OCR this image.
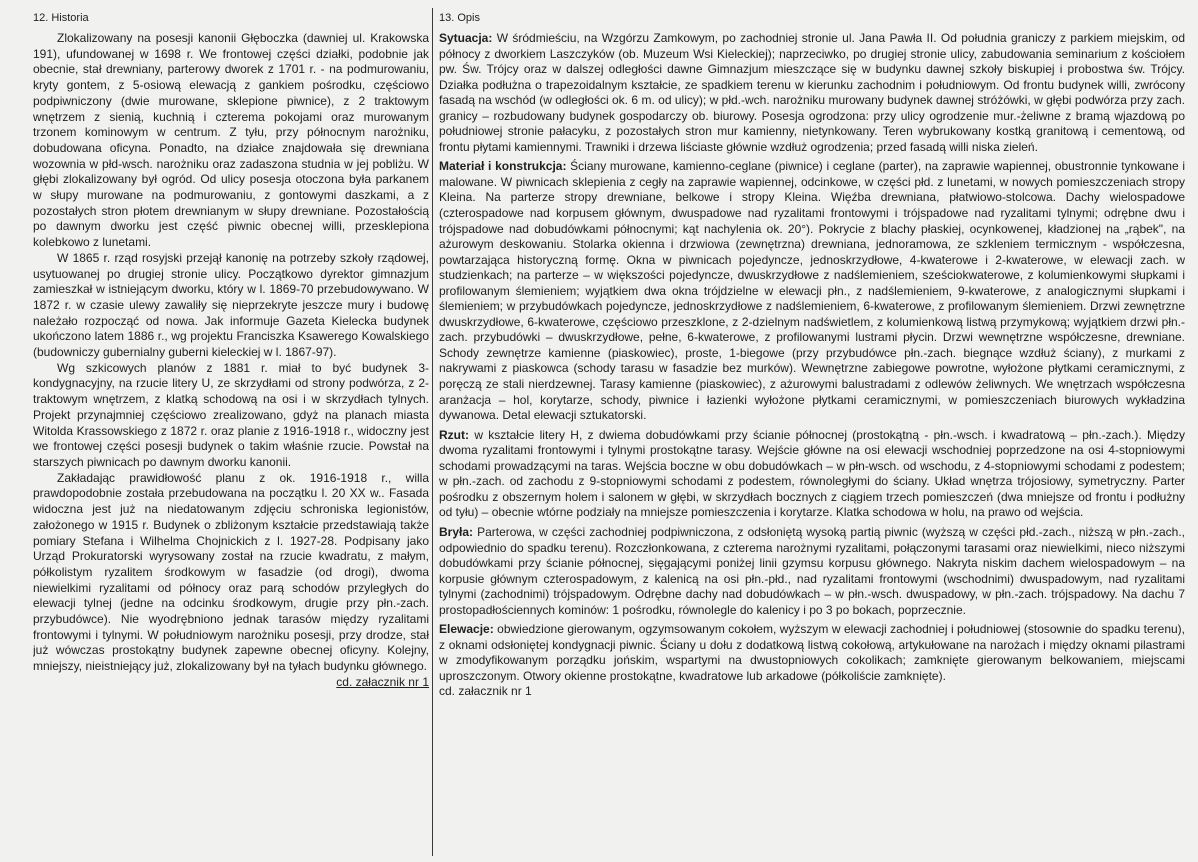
12. Historia

Zlokalizowany na posesji kanonii Głęboczka (dawniej ul. Krakowska 191), ufundowanej w 1698 r. We frontowej części działki, podobnie jak obecnie, stał drewniany, parterowy dworek z 1701 r. - na podmurowaniu, kryty gontem, z 5-osiową elewacją z gankiem pośrodku, częściowo podpiwniczony (dwie murowane, sklepione piwnice), z 2 traktowym wnętrzem z sienią, kuchnią i czterema pokojami oraz murowanym trzonem kominowym w centrum. Z tyłu, przy północnym narożniku, dobudowana oficyna. Ponadto, na działce znajdowała się drewniana wozownia w płd-wsch. narożniku oraz zadaszona studnia w jej pobliżu. W głębi zlokalizowany był ogród. Od ulicy posesja otoczona była parkanem w słupy murowane na podmurowaniu, z gontowymi daszkami, a z pozostałych stron płotem drewnianym w słupy drewniane. Pozostałością po dawnym dworku jest część piwnic obecnej willi, przesklepiona kolebkowo z lunetami.

W 1865 r. rząd rosyjski przejął kanonię na potrzeby szkoły rządowej, usytuowanej po drugiej stronie ulicy. Początkowo dyrektor gimnazjum zamieszkał w istniejącym dworku, który w l. 1869-70 przebudowywano. W 1872 r. w czasie ulewy zawaliły się nieprzekryte jeszcze mury i budowę należało rozpocząć od nowa. Jak informuje Gazeta Kielecka budynek ukończono latem 1886 r., wg projektu Franciszka Ksawerego Kowalskiego (budowniczy gubernialny guberni kieleckiej w l. 1867-97).

Wg szkicowych planów z 1881 r. miał to być budynek 3-kondygnacyjny, na rzucie litery U, ze skrzydłami od strony podwórza, z 2-traktowym wnętrzem, z klatką schodową na osi i w skrzydłach tylnych. Projekt przynajmniej częściowo zrealizowano, gdyż na planach miasta Witolda Krassowskiego z 1872 r. oraz planie z 1916-1918 r., widoczny jest we frontowej części posesji budynek o takim właśnie rzucie. Powstał na starszych piwnicach po dawnym dworku kanonii.

Zakładając prawidłowość planu z ok. 1916-1918 r., willa prawdopodobnie została przebudowana na początku l. 20 XX w.. Fasada widoczna jest już na niedatowanym zdjęciu schroniska legionistów, założonego w 1915 r. Budynek o zbliżonym kształcie przedstawiają także pomiary Stefana i Wilhelma Chojnickich z l. 1927-28. Podpisany jako Urząd Prokuratorski wyrysowany został na rzucie kwadratu, z małym, półkolistym ryzalitem środkowym w fasadzie (od drogi), dwoma niewielkimi ryzalitami od północy oraz parą schodów przyległych do elewacji tylnej (jedne na odcinku środkowym, drugie przy płn.-zach. przybudówce). Nie wyodrębniono jednak tarasów między ryzalitami frontowymi i tylnymi. W południowym narożniku posesji, przy drodze, stał już wówczas prostokątny budynek zapewne obecnej oficyny. Kolejny, mniejszy, nieistniejący już, zlokalizowany był na tyłach budynku głównego.
cd. załacznik nr 1

13. Opis

Sytuacja: W śródmieściu, na Wzgórzu Zamkowym, po zachodniej stronie ul. Jana Pawła II. Od południa graniczy z parkiem miejskim, od północy z dworkiem Laszczyków (ob. Muzeum Wsi Kieleckiej); naprzeciwko, po drugiej stronie ulicy, zabudowania seminarium z kościołem pw. Św. Trójcy oraz w dalszej odległości dawne Gimnazjum mieszczące się w budynku dawnej szkoły biskupiej i probostwa św. Trójcy. Działka podłużna o trapezoidalnym kształcie, ze spadkiem terenu w kierunku zachodnim i południowym. Od frontu budynek willi, zwrócony fasadą na wschód (w odległości ok. 6 m. od ulicy); w płd.-wch. narożniku murowany budynek dawnej stróżówki, w głębi podwórza przy zach. granicy – rozbudowany budynek gospodarczy ob. biurowy. Posesja ogrodzona: przy ulicy ogrodzenie mur.-żeliwne z bramą wjazdową po południowej stronie pałacyku, z pozostałych stron mur kamienny, nietynkowany. Teren wybrukowany kostką granitową i cementową, od frontu płytami kamiennymi. Trawniki i drzewa liściaste głównie wzdłuż ogrodzenia; przed fasadą willi niska zieleń.

Materiał i konstrukcja: Ściany murowane, kamienno-ceglane (piwnice) i ceglane (parter), na zaprawie wapiennej, obustronnie tynkowane i malowane. W piwnicach sklepienia z cegły na zaprawie wapiennej, odcinkowe, w części płd. z lunetami, w nowych pomieszczeniach stropy Kleina. Na parterze stropy drewniane, belkowe i stropy Kleina. Więźba drewniana, płatwiowo-stolcowa. Dachy wielospadowe (czterospadowe nad korpusem głównym, dwuspadowe nad ryzalitami frontowymi i trójspadowe nad ryzalitami tylnymi; odrębne dwu i trójspadowe nad dobudówkami północnymi; kąt nachylenia ok. 20°). Pokrycie z blachy płaskiej, ocynkowenej, kładzionej na „rąbek", na ażurowym deskowaniu. Stolarka okienna i drzwiowa (zewnętrzna) drewniana, jednoramowa, ze szkleniem termicznym - współczesna, powtarzająca historyczną formę. Okna w piwnicach pojedyncze, jednoskrzydłowe, 4-kwaterowe i 2-kwaterowe, w elewacji zach. w studzienkach; na parterze – w większości pojedyncze, dwuskrzydłowe z nadślemieniem, sześciokwaterowe, z kolumienkowymi słupkami i profilowanym ślemieniem; wyjątkiem dwa okna trójdzielne w elewacji płn., z nadślemieniem, 9-kwaterowe, z analogicznymi słupkami i ślemieniem; w przybudówkach pojedyncze, jednoskrzydłowe z nadślemieniem, 6-kwaterowe, z profilowanym ślemieniem. Drzwi zewnętrzne dwuskrzydłowe, 6-kwaterowe, częściowo przeszklone, z 2-dzielnym nadświetlem, z kolumienkową listwą przymykową; wyjątkiem drzwi płn.-zach. przybudówki – dwuskrzydłowe, pełne, 6-kwaterowe, z profilowanymi lustrami płycin. Drzwi wewnętrzne współczesne, drewniane. Schody zewnętrze kamienne (piaskowiec), proste, 1-biegowe (przy przybudówce płn.-zach. biegnące wzdłuż ściany), z murkami z nakrywami z piaskowca (schody tarasu w fasadzie bez murków). Wewnętrzne zabiegowe powrotne, wyłożone płytkami ceramicznymi, z poręczą ze stali nierdzewnej. Tarasy kamienne (piaskowiec), z ażurowymi balustradami z odlewów żeliwnych. We wnętrzach współczesna aranżacja – hol, korytarze, schody, piwnice i łazienki wyłożone płytkami ceramicznymi, w pomieszczeniach biurowych wykładzina dywanowa. Detal elewacji sztukatorski.

Rzut: w kształcie litery H, z dwiema dobudówkami przy ścianie północnej (prostokątną - płn.-wsch. i kwadratową – płn.-zach.). Między dwoma ryzalitami frontowymi i tylnymi prostokątne tarasy. Wejście główne na osi elewacji wschodniej poprzedzone na osi 4-stopniowymi schodami prowadzącymi na taras. Wejścia boczne w obu dobudówkach – w płn-wsch. od wschodu, z 4-stopniowymi schodami z podestem; w płn.-zach. od zachodu z 9-stopniowymi schodami z podestem, równoległymi do ściany. Układ wnętrza trójosiowy, symetryczny. Parter pośrodku z obszernym holem i salonem w głębi, w skrzydłach bocznych z ciągiem trzech pomieszczeń (dwa mniejsze od frontu i podłużny od tyłu) – obecnie wtórne podziały na mniejsze pomieszczenia i korytarze. Klatka schodowa w holu, na prawo od wejścia.

Bryła: Parterowa, w części zachodniej podpiwniczona, z odsłoniętą wysoką partią piwnic (wyższą w części płd.-zach., niższą w płn.-zach., odpowiednio do spadku terenu). Rozczłonkowana, z czterema narożnymi ryzalitami, połączonymi tarasami oraz niewielkimi, nieco niższymi dobudówkami przy ścianie północnej, sięgającymi poniżej linii gzymsu korpusu głównego. Nakryta niskim dachem wielospadowym – na korpusie głównym czterospadowym, z kalenicą na osi płn.-płd., nad ryzalitami frontowymi (wschodnimi) dwuspadowym, nad ryzalitami tylnymi (zachodnimi) trójspadowym. Odrębne dachy nad dobudówkach – w płn.-wsch. dwuspadowy, w płn.-zach. trójspadowy. Na dachu 7 prostopadłościennych kominów: 1 pośrodku, równolegle do kalenicy i po 3 po bokach, poprzecznie.

Elewacje: obwiedzione gierowanym, ogzymsowanym cokołem, wyższym w elewacji zachodniej i południowej (stosownie do spadku terenu), z oknami odsłoniętej kondygnacji piwnic. Ściany u dołu z dodatkową listwą cokołową, artykułowane na narożach i między oknami pilastrami w zmodyfikowanym porządku jońskim, wspartymi na dwustopniowych cokolikach; zamknięte gierowanym belkowaniem, miejscami uproszczonym. Otwory okienne prostokątne, kwadratowe lub arkadowe (półkoliście zamknięte).

cd. załacznik nr 1
